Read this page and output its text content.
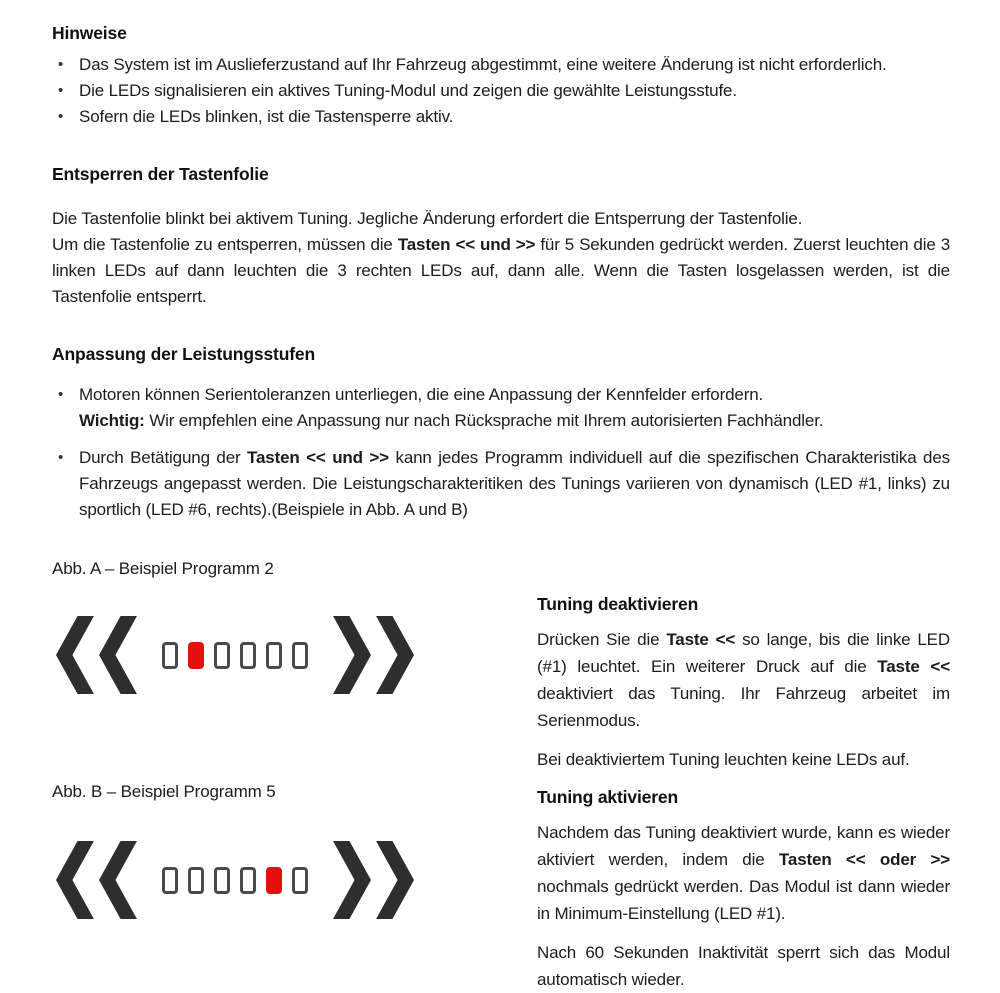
Hinweise
• Das System ist im Auslieferzustand auf Ihr Fahrzeug abgestimmt, eine weitere Änderung ist nicht erforderlich.
• Die LEDs signalisieren ein aktives Tuning-Modul und zeigen die gewählte Leistungsstufe.
• Sofern die LEDs blinken, ist die Tastensperre aktiv.
Entsperren der Tastenfolie

Die Tastenfolie blinkt bei aktivem Tuning. Jegliche Änderung erfordert die Entsperrung der Tastenfolie.

Um die Tastenfolie zu entsperren, müssen die Tasten << und >> für 5 Sekunden gedrückt werden. Zuerst leuchten die 3 linken LEDs auf dann leuchten die 3 rechten LEDs auf, dann alle. Wenn die Tasten losgelassen werden, ist die Tastenfolie entsperrt.

Anpassung der Leistungsstufen

• Motoren können Serientoleranzen unterliegen, die eine Anpassung der Kennfelder erfordern.

Wichtig: Wir empfehlen eine Anpassung nur nach Rücksprache mit Ihrem autorisierten Fachhändler.

• Durch Betätigung der Tasten << und >> kann jedes Programm individuell auf die spezifischen Charakteristika des Fahrzeugs angepasst werden. Die Leistungscharakteritiken des Tunings variieren von dynamisch (LED #1, links) zu sportlich (LED #6, rechts).(Beispiele in Abb. A und B)
Abb. A – Beispiel Programm 2
Abb. B – Beispiel Programm 5
Tuning deaktivieren

Drücken Sie die Taste << so lange, bis die linke LED (#1) leuchtet. Ein weiterer Druck auf die Taste << deaktiviert das Tuning. Ihr Fahrzeug arbeitet im Serienmodus.

Bei deaktiviertem Tuning leuchten keine LEDs auf.

Tuning aktivieren

Nachdem das Tuning deaktiviert wurde, kann es wieder aktiviert werden, indem die Tasten << oder >> nochmals gedrückt werden. Das Modul ist dann wieder in Minimum-Einstellung (LED #1).

Nach 60 Sekunden Inaktivität sperrt sich das Modul automatisch wieder.
